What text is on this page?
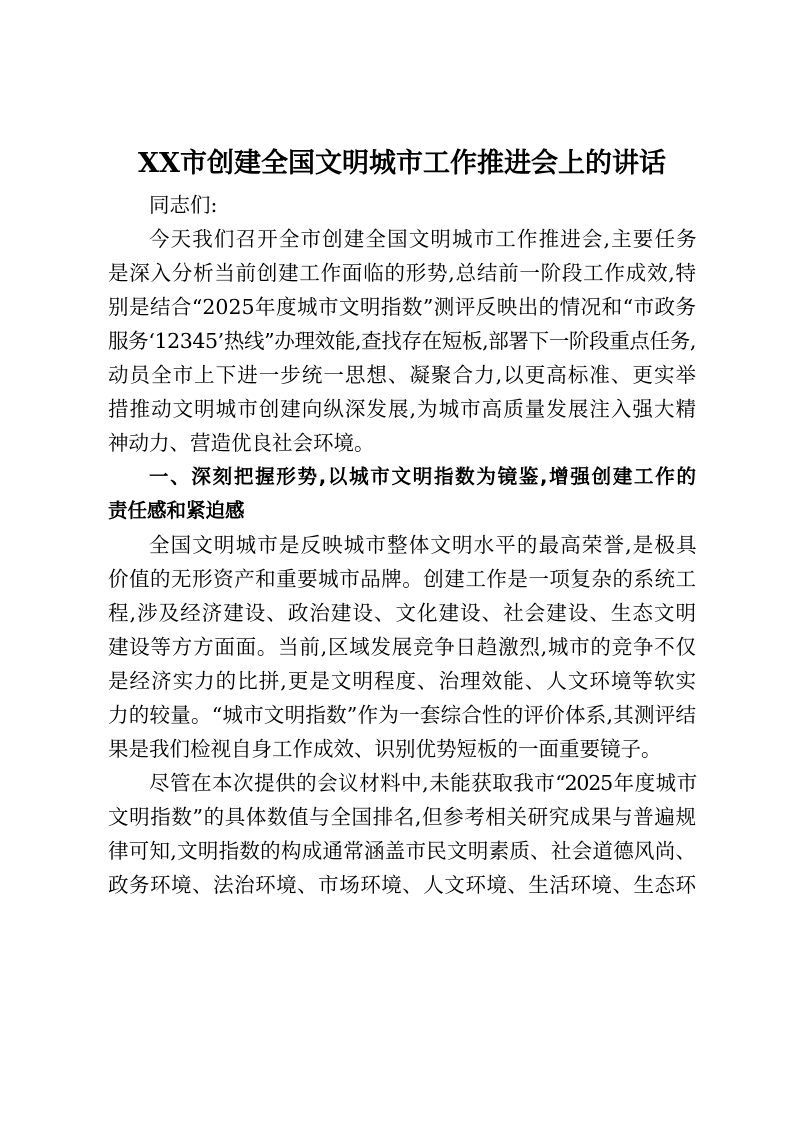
XX市创建全国文明城市工作推进会上的讲话

同志们:

今天我们召开全市创建全国文明城市工作推进会,主要任务
是深入分析当前创建工作面临的形势,总结前一阶段工作成效,特
别是结合“2025年度城市文明指数”测评反映出的情况和“市政务
服务‘12345’热线”办理效能,查找存在短板,部署下一阶段重点任务,
动员全市上下进一步统一思想、凝聚合力,以更高标准、更实举
措推动文明城市创建向纵深发展,为城市高质量发展注入强大精
神动力、营造优良社会环境。

一、深刻把握形势,以城市文明指数为镜鉴,增强创建工作的
责任感和紧迫感

全国文明城市是反映城市整体文明水平的最高荣誉,是极具
价值的无形资产和重要城市品牌。创建工作是一项复杂的系统工
程,涉及经济建设、政治建设、文化建设、社会建设、生态文明
建设等方方面面。当前,区域发展竞争日趋激烈,城市的竞争不仅
是经济实力的比拼,更是文明程度、治理效能、人文环境等软实
力的较量。“城市文明指数”作为一套综合性的评价体系,其测评结
果是我们检视自身工作成效、识别优势短板的一面重要镜子。

尽管在本次提供的会议材料中,未能获取我市“2025年度城市
文明指数”的具体数值与全国排名,但参考相关研究成果与普遍规
律可知,文明指数的构成通常涵盖市民文明素质、社会道德风尚、
政务环境、法治环境、市场环境、人文环境、生活环境、生态环
